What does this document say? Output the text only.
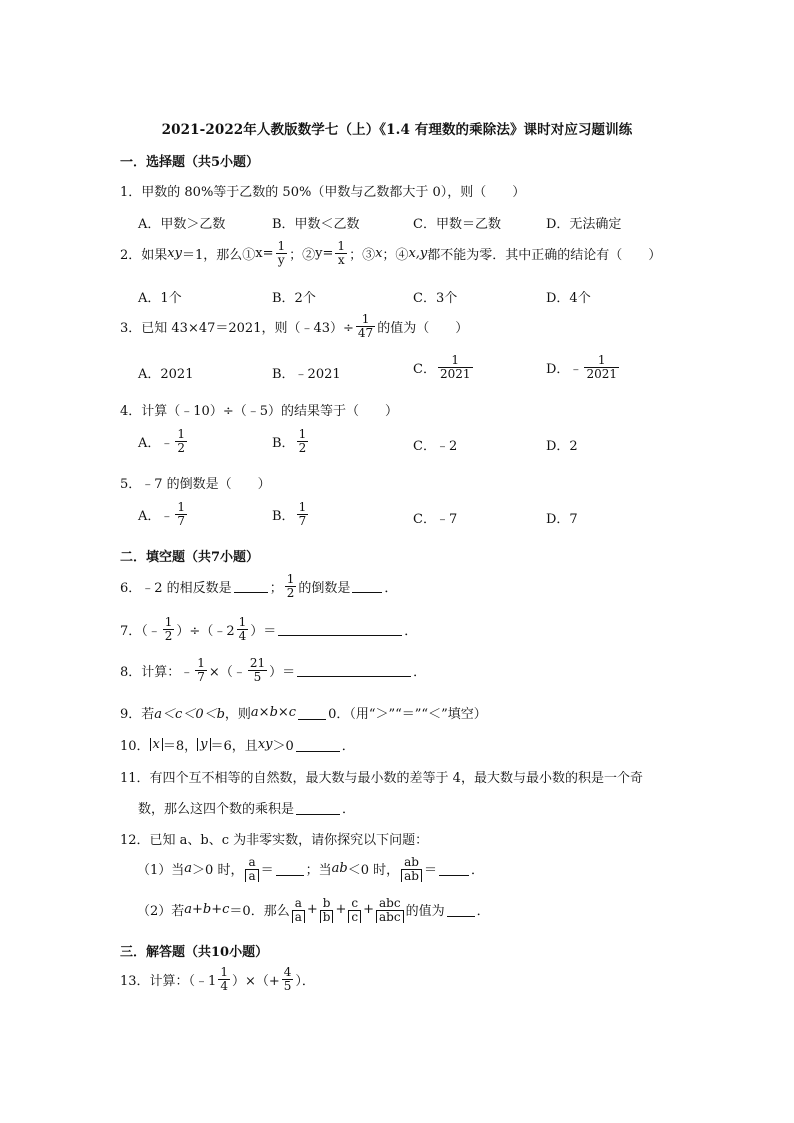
2021-2022年人教版数学七（上）《1.4 有理数的乘除法》课时对应习题训练
一．选择题（共5小题）
1．甲数的 80%等于乙数的 50%（甲数与乙数都大于 0），则（　　）
A．甲数＞乙数	B．甲数＜乙数	C．甲数＝乙数	D．无法确定
2．如果 xy ＝1，那么① $x = \frac{1}{y}$ ；② $y = \frac{1}{x}$ ；③ x ；④ x,y 都不能为零．其中正确的结论有（　　）
A．1个	B．2个	C．3个	D．4个
3．已知 43×47＝2021，则（﹣43）÷ $\frac{1}{47}$ 的值为（　　）
A．2021	B．﹣2021	C． $\frac{1}{2021}$	D．﹣ $\frac{1}{2021}$
4．计算（﹣10）÷（﹣5）的结果等于（　　）
A．﹣ $\frac{1}{2}$	B． $\frac{1}{2}$	C．﹣2	D．2
5．﹣7 的倒数是（　　）
A．﹣ $\frac{1}{7}$	B． $\frac{1}{7}$	C．﹣7	D．7
二．填空题（共7小题）
6．﹣2 的相反数是	； $\frac{1}{2}$ 的倒数是	．
7．（﹣ $\frac{1}{2}$ ）÷（﹣2 $\frac{1}{4}$ ）＝	．
8．计算：﹣ $\frac{1}{7}$ ×（﹣ $\frac{21}{5}$ ）＝	．
9．若 a＜c＜0＜b ，则 a×b×c 0．（用“＞”“＝”“＜”填空）
10． x ＝8， y ＝6，且 xy ＞0	．
11．有四个互不相等的自然数，最大数与最小数的差等于 4，最大数与最小数的积是一个奇
数，那么这四个数的乘积是	．
12．已知 a、b、c 为非零实数，请你探究以下问题：
（1）当 a ＞0 时， $\frac{a}{a}$ ＝ ；当 ab ＜0 时， $\frac{ab}{ab}$ ＝	．
（2）若 a+b+c ＝0．那么 $\frac{a}{a} + \frac{b}{b} + \frac{c}{c} + \frac{\text{abc}}{\text{abc}}$ 的值为 ．
三．解答题（共10小题）
13．计算：（﹣1 $\frac{1}{4}$ ）×（+ $\frac{4}{5}$ ）．
